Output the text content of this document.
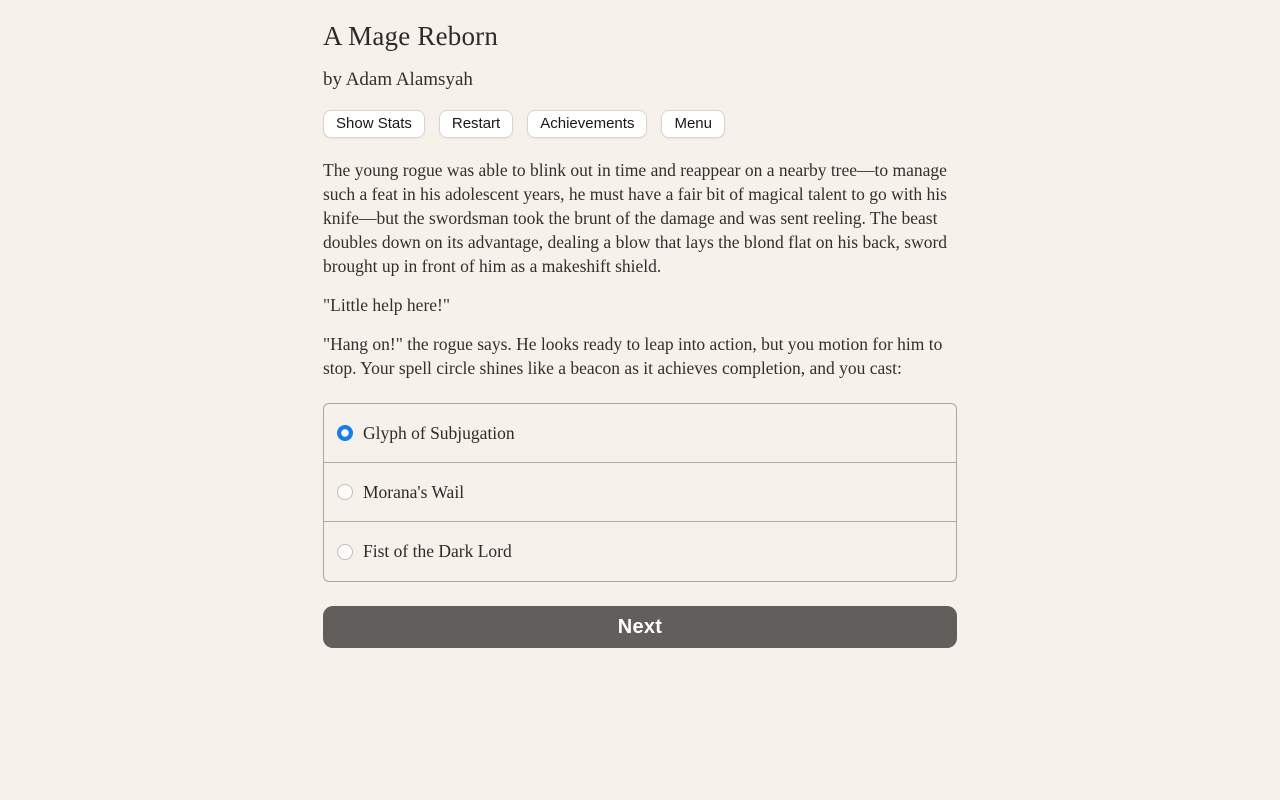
A Mage Reborn
by Adam Alamsyah
Show Stats	Restart	Achievements	Menu

The young rogue was able to blink out in time and reappear on a nearby tree—to manage such a feat in his adolescent years, he must have a fair bit of magical talent to go with his knife—but the swordsman took the brunt of the damage and was sent reeling. The beast doubles down on its advantage, dealing a blow that lays the blond flat on his back, sword brought up in front of him as a makeshift shield.

"Little help here!"

"Hang on!" the rogue says. He looks ready to leap into action, but you motion for him to stop. Your spell circle shines like a beacon as it achieves completion, and you cast:

Glyph of Subjugation
Morana's Wail
Fist of the Dark Lord
Next
